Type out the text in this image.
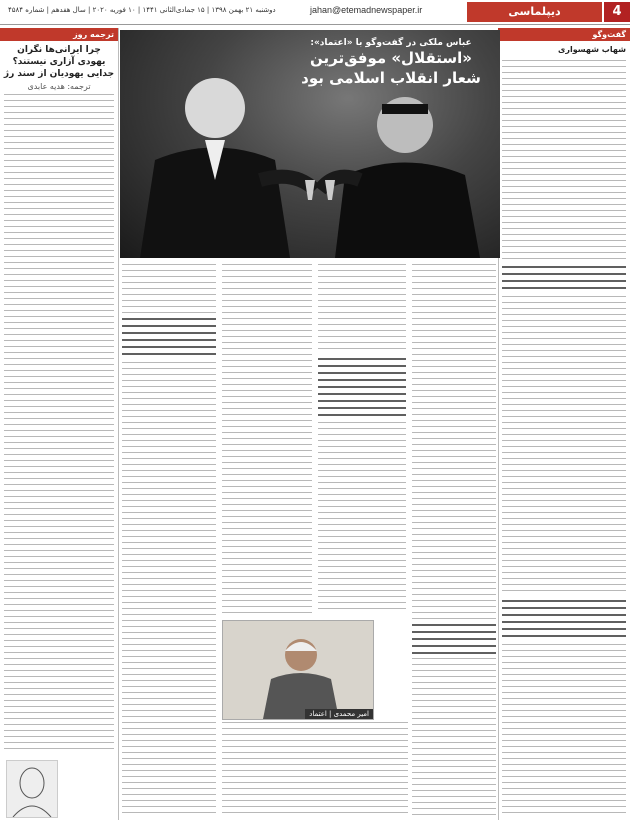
4
دیپلماسی
jahan@etemadnewspaper.ir
دوشنبه ۲۱ بهمن ۱۳۹۸ | ۱۵ جمادی‌الثانی ۱۴۴۱ | ۱۰ فوریه ۲۰۲۰ | سال هفدهم | شماره ۴۵۸۴
گفت‌وگو
شهاب شهسواری
ترجمه روز
چرا ایرانی‌ها نگران یهودی آزاری نیستند؟ جدایی یهودیان از سند رژ
ترجمه: هدیه عابدی
عباس ملکی در گفت‌وگو با «اعتماد»:
«استقلال» موفق‌ترین شعار انقلاب اسلامی بود
امیر محمدی | اعتماد
